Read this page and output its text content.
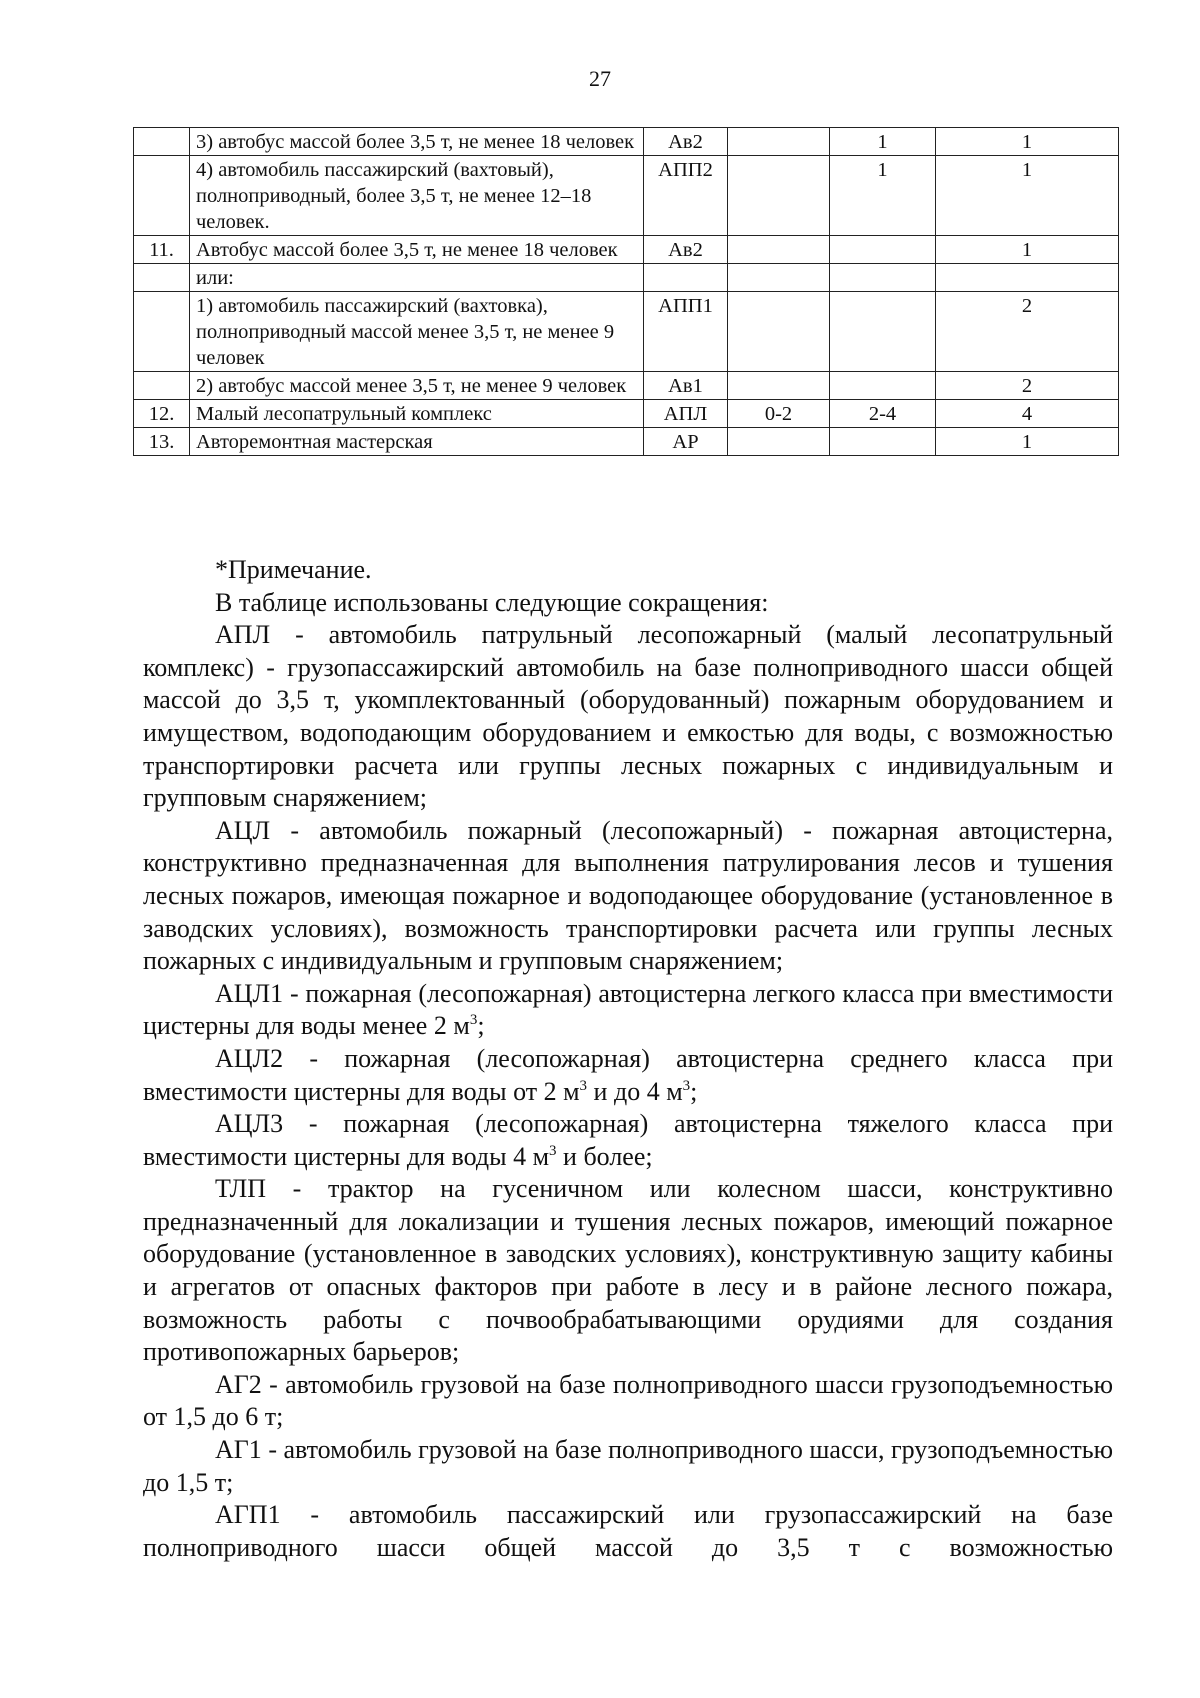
27
	3) автобус массой более 3,5 т, не менее 18 человек	Ав2		1	1
	4) автомобиль пассажирский (вахтовый), полноприводный, более 3,5 т, не менее 12–18 человек.	АПП2		1	1
11.	Автобус массой более 3,5 т, не менее 18 человек	Ав2			1
	или:				
	1) автомобиль пассажирский (вахтовка), полноприводный массой менее 3,5 т, не менее 9 человек	АПП1			2
	2) автобус массой менее 3,5 т, не менее 9 человек	Ав1			2
12.	Малый лесопатрульный комплекс	АПЛ	0-2	2-4	4
13.	Авторемонтная мастерская	АР			1

*Примечание.

В таблице использованы следующие сокращения:

АПЛ - автомобиль патрульный лесопожарный (малый лесопатрульный комплекс) - грузопассажирский автомобиль на базе полноприводного шасси общей массой до 3,5 т, укомплектованный (оборудованный) пожарным оборудованием и имуществом, водоподающим оборудованием и емкостью для воды, с возможностью транспортировки расчета или группы лесных пожарных с индивидуальным и групповым снаряжением;

АЦЛ - автомобиль пожарный (лесопожарный) - пожарная автоцистерна, конструктивно предназначенная для выполнения патрулирования лесов и тушения лесных пожаров, имеющая пожарное и водоподающее оборудование (установленное в заводских условиях), возможность транспортировки расчета или группы лесных пожарных с индивидуальным и групповым снаряжением;

АЦЛ1 - пожарная (лесопожарная) автоцистерна легкого класса при вместимости цистерны для воды менее 2 $м^3$;

АЦЛ2 - пожарная (лесопожарная) автоцистерна среднего класса при вместимости цистерны для воды от 2 $м^3$ и до 4 $м^3$;

АЦЛ3 - пожарная (лесопожарная) автоцистерна тяжелого класса при вместимости цистерны для воды 4 $м^3$ и более;

ТЛП - трактор на гусеничном или колесном шасси, конструктивно предназначенный для локализации и тушения лесных пожаров, имеющий пожарное оборудование (установленное в заводских условиях), конструктивную защиту кабины и агрегатов от опасных факторов при работе в лесу и в районе лесного пожара, возможность работы с почвообрабатывающими орудиями для создания противопожарных барьеров;

АГ2 - автомобиль грузовой на базе полноприводного шасси грузоподъемностью от 1,5 до 6 т;

АГ1 - автомобиль грузовой на базе полноприводного шасси, грузоподъемностью до 1,5 т;

АГП1 - автомобиль пассажирский или грузопассажирский на базе полноприводного шасси общей массой до 3,5 т с возможностью
